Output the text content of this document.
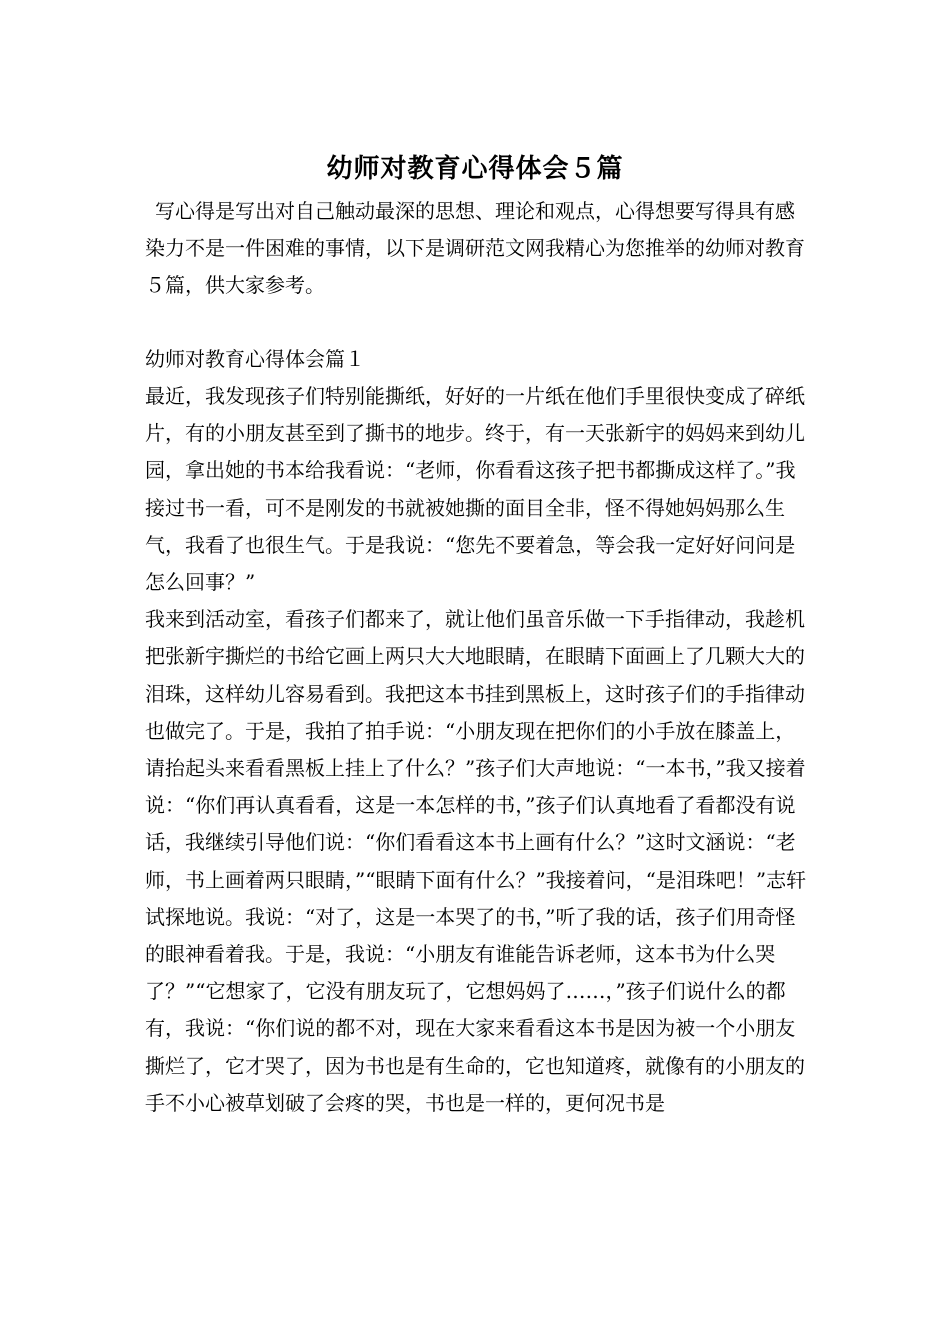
幼师对教育心得体会５篇

写心得是写出对自己触动最深的思想、理论和观点，心得想要写得具有感染力不是一件困难的事情，以下是调研范文网我精心为您推举的幼师对教育５篇，供大家参考。

幼师对教育心得体会篇１

最近，我发现孩子们特别能撕纸，好好的一片纸在他们手里很快变成了碎纸片，有的小朋友甚至到了撕书的地步。终于，有一天张新宇的妈妈来到幼儿园，拿出她的书本给我看说：“老师，你看看这孩子把书都撕成这样了。”我接过书一看，可不是刚发的书就被她撕的面目全非，怪不得她妈妈那么生气，我看了也很生气。于是我说：“您先不要着急，等会我一定好好问问是怎么回事？”

我来到活动室，看孩子们都来了，就让他们虽音乐做一下手指律动，我趁机把张新宇撕烂的书给它画上两只大大地眼睛，在眼睛下面画上了几颗大大的泪珠，这样幼儿容易看到。我把这本书挂到黑板上，这时孩子们的手指律动也做完了。于是，我拍了拍手说：“小朋友现在把你们的小手放在膝盖上，请抬起头来看看黑板上挂上了什么？”孩子们大声地说：“一本书，”我又接着说：“你们再认真看看，这是一本怎样的书，”孩子们认真地看了看都没有说话，我继续引导他们说：“你们看看这本书上画有什么？”这时文涵说：“老师，书上画着两只眼睛，”“眼睛下面有什么？”我接着问，“是泪珠吧！”志轩试探地说。我说：“对了，这是一本哭了的书，”听了我的话，孩子们用奇怪的眼神看着我。于是，我说：“小朋友有谁能告诉老师，这本书为什么哭了？”“它想家了，它没有朋友玩了，它想妈妈了……，”孩子们说什么的都有，我说：“你们说的都不对，现在大家来看看这本书是因为被一个小朋友撕烂了，它才哭了，因为书也是有生命的，它也知道疼，就像有的小朋友的手不小心被草划破了会疼的哭，书也是一样的，更何况书是
